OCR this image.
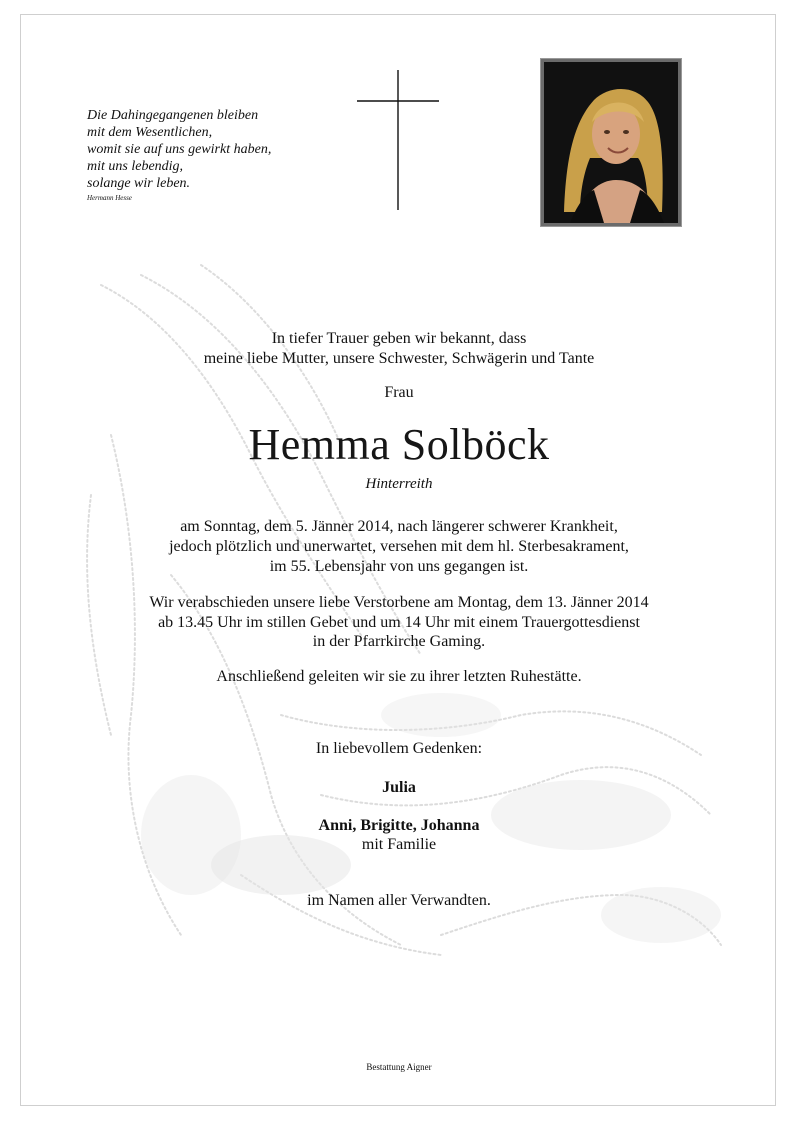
Die Dahingegangenen bleiben
mit dem Wesentlichen,
womit sie auf uns gewirkt haben,
mit uns lebendig,
solange wir leben.
Hermann Hesse
In tiefer Trauer geben wir bekannt, dass
meine liebe Mutter, unsere Schwester, Schwägerin und Tante
Frau
Hemma Solböck
Hinterreith
am Sonntag, dem 5. Jänner 2014, nach längerer schwerer Krankheit,
jedoch plötzlich und unerwartet, versehen mit dem hl. Sterbesakrament,
im 55. Lebensjahr von uns gegangen ist.
Wir verabschieden unsere liebe Verstorbene am Montag, dem 13. Jänner 2014
ab 13.45 Uhr im stillen Gebet und um 14 Uhr mit einem Trauergottesdienst
in der Pfarrkirche Gaming.
Anschließend geleiten wir sie zu ihrer letzten Ruhestätte.
In liebevollem Gedenken:
Julia
Anni, Brigitte, Johanna
mit Familie
im Namen aller Verwandten.
Bestattung Aigner
